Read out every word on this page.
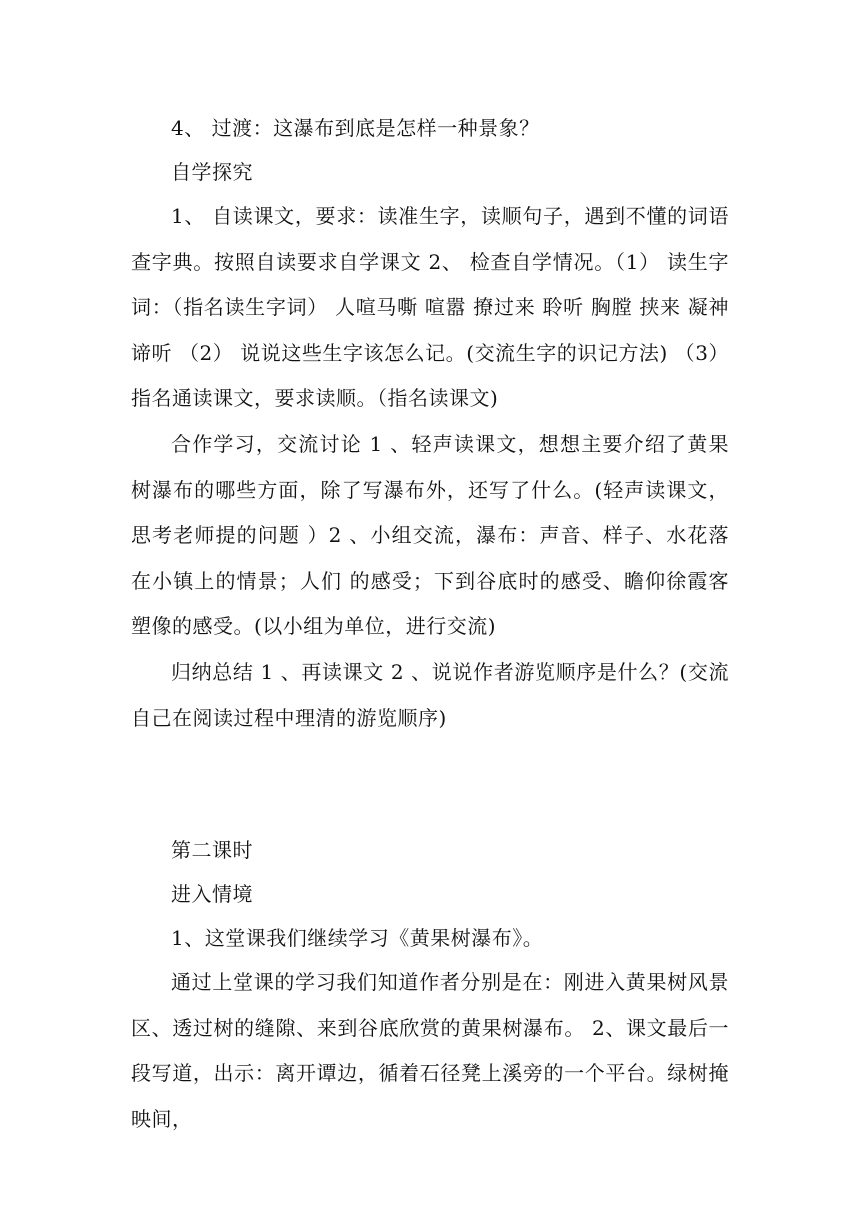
4、 过渡：这瀑布到底是怎样一种景象？

自学探究

1、 自读课文，要求：读准生字，读顺句子，遇到不懂的词语查字典。按照自读要求自学课文 2、 检查自学情况。（1） 读生字词：（指名读生字词） 人喧马嘶 喧嚣 撩过来 聆听 胸膛 挟来 凝神谛听 （2） 说说这些生字该怎么记。(交流生字的识记方法) （3） 指名通读课文，要求读顺。（指名读课文)

合作学习，交流讨论 1 、轻声读课文，想想主要介绍了黄果树瀑布的哪些方面，除了写瀑布外，还写了什么。(轻声读课文，思考老师提的问题 ）2 、小组交流，瀑布：声音、样子、水花落在小镇上的情景；人们 的感受；下到谷底时的感受、瞻仰徐霞客塑像的感受。(以小组为单位，进行交流)

归纳总结 1 、再读课文 2 、说说作者游览顺序是什么？(交流自己在阅读过程中理清的游览顺序)

第二课时

进入情境

1、这堂课我们继续学习《黄果树瀑布》。

通过上堂课的学习我们知道作者分别是在：刚进入黄果树风景区、透过树的缝隙、来到谷底欣赏的黄果树瀑布。 2、课文最后一段写道，出示：离开谭边，循着石径凳上溪旁的一个平台。绿树掩映间，
